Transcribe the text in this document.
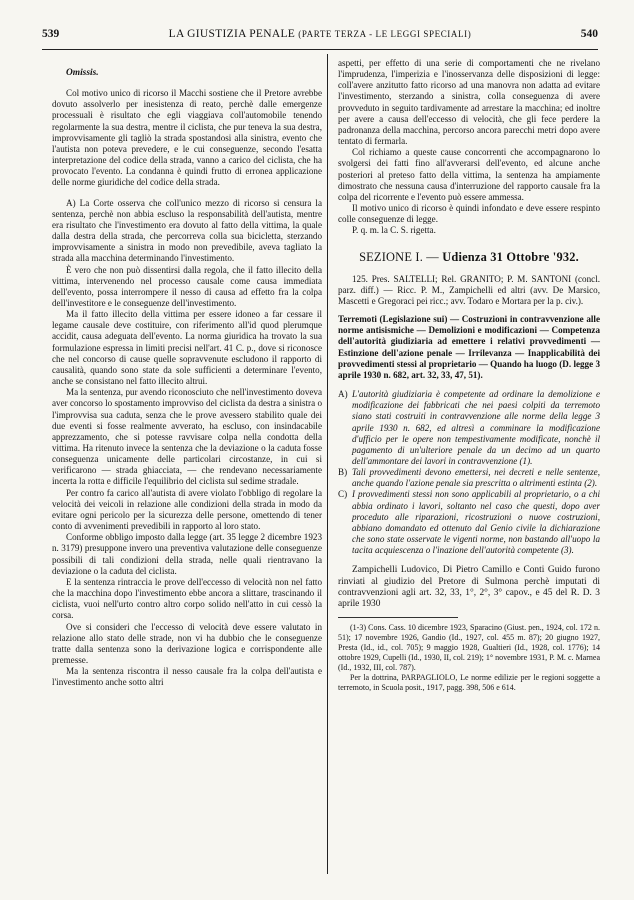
539	LA GIUSTIZIA PENALE (PARTE TERZA - LE LEGGI SPECIALI)	540
Omissis.

Col motivo unico di ricorso il Macchi sostiene che il Pretore avrebbe dovuto assolverlo per inesistenza di reato, perchè dalle emergenze processuali è risultato che egli viaggiava coll'automobile tenendo regolarmente la sua destra, mentre il ciclista, che pur teneva la sua destra, improvvisamente gli tagliò la strada spostandosi alla sinistra, evento che l'autista non poteva prevedere, e le cui conseguenze, secondo l'esatta interpretazione del codice della strada, vanno a carico del ciclista, che ha provocato l'evento. La condanna è quindi frutto di erronea applicazione delle norme giuridiche del codice della strada.

A) La Corte osserva che coll'unico mezzo di ricorso si censura la sentenza, perchè non abbia escluso la responsabilità dell'autista, mentre era risultato che l'investimento era dovuto al fatto della vittima, la quale dalla destra della strada, che percorreva colla sua bicicletta, sterzando improvvisamente a sinistra in modo non prevedibile, aveva tagliato la strada alla macchina determinando l'investimento.

È vero che non può dissentirsi dalla regola, che il fatto illecito della vittima, intervenendo nel processo causale come causa immediata dell'evento, possa interrompere il nesso di causa ad effetto fra la colpa dell'investitore e le conseguenze dell'investimento.

Ma il fatto illecito della vittima per essere idoneo a far cessare il legame causale deve costituire, con riferimento all'id quod plerumque accidit, causa adeguata dell'evento. La norma giuridica ha trovato la sua formulazione espressa in limiti precisi nell'art. 41 C. p., dove si riconosce che nel concorso di cause quelle sopravvenute escludono il rapporto di causalità, quando sono state da sole sufficienti a determinare l'evento, anche se consistano nel fatto illecito altrui.

Ma la sentenza, pur avendo riconosciuto che nell'investimento doveva aver concorso lo spostamento improvviso del ciclista da destra a sinistra o l'improvvisa sua caduta, senza che le prove avessero stabilito quale dei due eventi si fosse realmente avverato, ha escluso, con insindacabile apprezzamento, che si potesse ravvisare colpa nella condotta della vittima. Ha ritenuto invece la sentenza che la deviazione o la caduta fosse conseguenza unicamente delle particolari circostanze, in cui si verificarono — strada ghiacciata, — che rendevano necessariamente incerta la rotta e difficile l'equilibrio del ciclista sul sedime stradale.

Per contro fa carico all'autista di avere violato l'obbligo di regolare la velocità dei veicoli in relazione alle condizioni della strada in modo da evitare ogni pericolo per la sicurezza delle persone, omettendo di tener conto di avvenimenti prevedibili in rapporto al loro stato.

Conforme obbligo imposto dalla legge (art. 35 legge 2 dicembre 1923 n. 3179) presuppone invero una preventiva valutazione delle conseguenze possibili di tali condizioni della strada, nelle quali rientravano la deviazione o la caduta del ciclista.

E la sentenza rintraccia le prove dell'eccesso di velocità non nel fatto che la macchina dopo l'investimento ebbe ancora a slittare, trascinando il ciclista, vuoi nell'urto contro altro corpo solido nell'atto in cui cessò la corsa.

Ove si consideri che l'eccesso di velocità deve essere valutato in relazione allo stato delle strade, non vi ha dubbio che le conseguenze tratte dalla sentenza sono la derivazione logica e corrispondente alle premesse.

Ma la sentenza riscontra il nesso causale fra la colpa dell'autista e l'investimento anche sotto altri

aspetti, per effetto di una serie di comportamenti che ne rivelano l'imprudenza, l'imperizia e l'inosservanza delle disposizioni di legge: coll'avere anzitutto fatto ricorso ad una manovra non adatta ad evitare l'investimento, sterzando a sinistra, colla conseguenza di avere provveduto in seguito tardivamente ad arrestare la macchina; ed inoltre per avere a causa dell'eccesso di velocità, che gli fece perdere la padronanza della macchina, percorso ancora parecchi metri dopo avere tentato di fermarla.

Col richiamo a queste cause concorrenti che accompagnarono lo svolgersi dei fatti fino all'avverarsi dell'evento, ed alcune anche posteriori al preteso fatto della vittima, la sentenza ha ampiamente dimostrato che nessuna causa d'interruzione del rapporto causale fra la colpa del ricorrente e l'evento può essere ammessa.

Il motivo unico di ricorso è quindi infondato e deve essere respinto colle conseguenze di legge.

P. q. m. la C. S. rigetta.

SEZIONE I. — Udienza 31 Ottobre '932.

125. Pres. SALTELLI; Rel. GRANITO; P. M. SANTONI (concl. parz. diff.) — Ricc. P. M., Zampichelli ed altri (avv. De Marsico, Mascetti e Gregoraci pei ricc.; avv. Todaro e Mortara per la p. civ.).

Terremoti (Legislazione sui) — Costruzioni in contravvenzione alle norme antisismiche — Demolizioni e modificazioni — Competenza dell'autorità giudiziaria ad emettere i relativi provvedimenti — Estinzione dell'azione penale — Irrilevanza — Inapplicabilità dei provvedimenti stessi al proprietario — Quando ha luogo (D. legge 3 aprile 1930 n. 682, art. 32, 33, 47, 51).

A) L'autorità giudiziaria è competente ad ordinare la demolizione e modificazione dei fabbricati che nei paesi colpiti da terremoto siano stati costruiti in contravvenzione alle norme della legge 3 aprile 1930 n. 682, ed altresì a comminare la modificazione d'ufficio per le opere non tempestivamente modificate, nonchè il pagamento di un'ulteriore penale da un decimo ad un quarto dell'ammontare dei lavori in contravvenzione (1).
B) Tali provvedimenti devono emettersi, nei decreti e nelle sentenze, anche quando l'azione penale sia prescritta o altrimenti estinta (2).
C) I provvedimenti stessi non sono applicabili al proprietario, o a chi abbia ordinato i lavori, soltanto nel caso che questi, dopo aver proceduto alle riparazioni, ricostruzioni o nuove costruzioni, abbiano domandato ed ottenuto dal Genio civile la dichiarazione che sono state osservate le vigenti norme, non bastando all'uopo la tacita acquiescenza o l'inazione dell'autorità competente (3).

Zampichelli Ludovico, Di Pietro Camillo e Conti Guido furono rinviati al giudizio del Pretore di Sulmona perchè imputati di contravvenzioni agli art. 32, 33, 1°, 2°, 3° capov., e 45 del R. D. 3 aprile 1930

(1-3) Cons. Cass. 10 dicembre 1923, Sparacino (Giust. pen., 1924, col. 172 n. 51); 17 novembre 1926, Gandio (Id., 1927, col. 455 m. 87); 20 giugno 1927, Presta (Id., id., col. 705); 9 maggio 1928, Gualtieri (Id., 1928, col. 1776); 14 ottobre 1929, Cupelli (Id., 1930, II, col. 219); 1° novembre 1931, P. M. c. Marnea (Id., 1932, III, col. 787).

Per la dottrina, PARPAGLIOLO, Le norme edilizie per le regioni soggette a terremoto, in Scuola posit., 1917, pagg. 398, 506 e 614.
